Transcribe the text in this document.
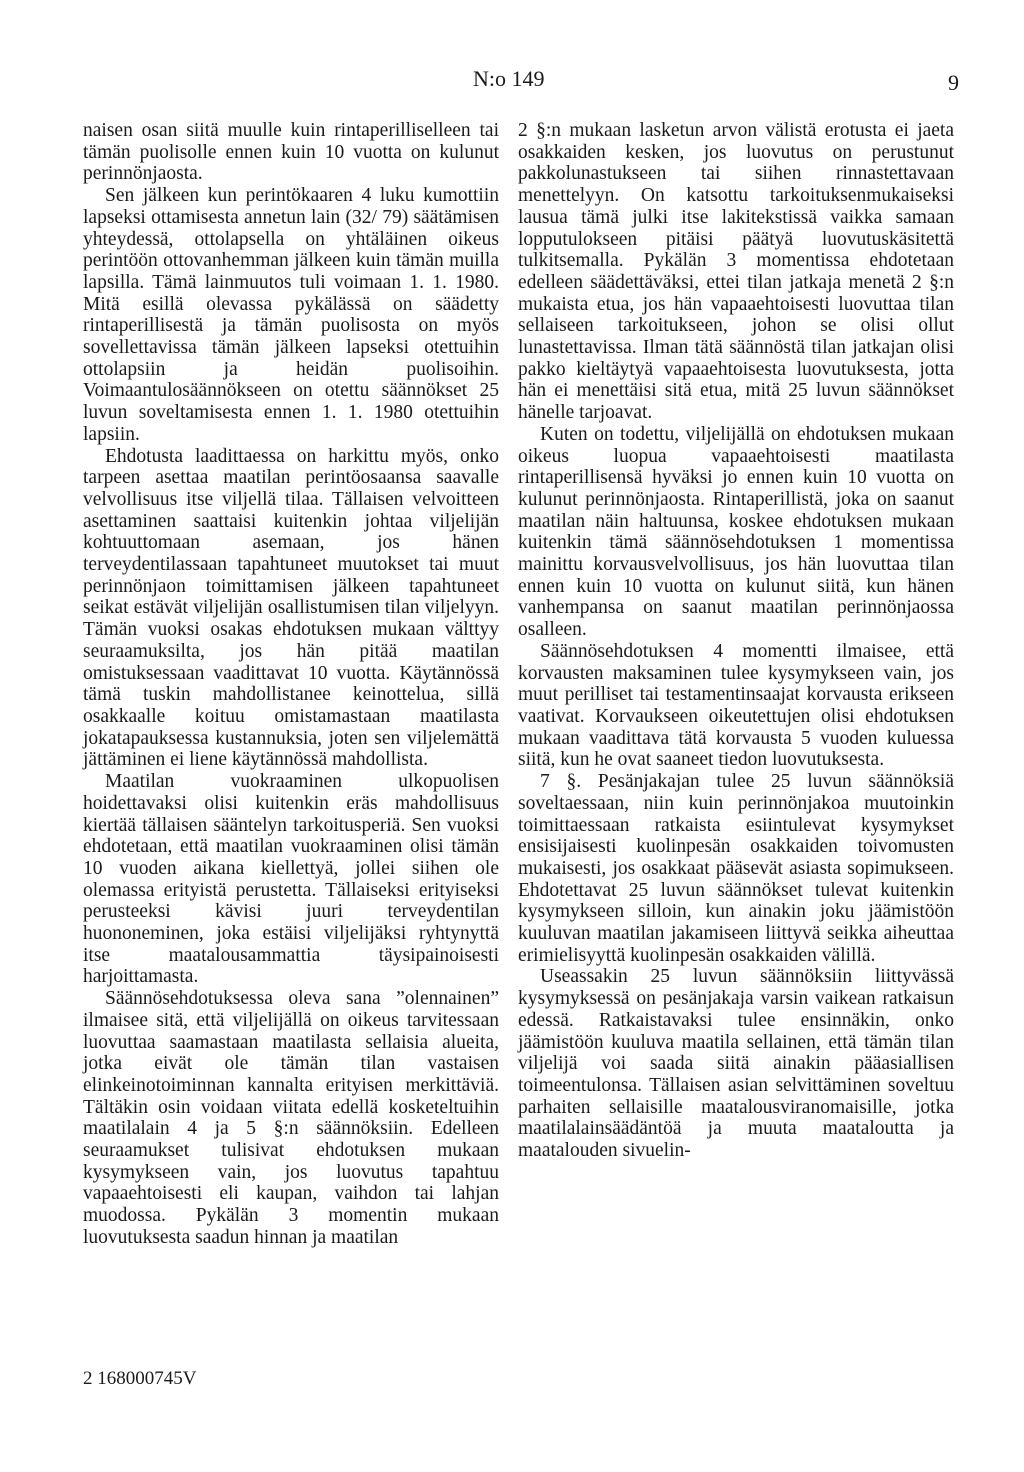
N:o 149	9

naisen osan siitä muulle kuin rintaperilliselleen tai tämän puolisolle ennen kuin 10 vuotta on kulunut perinnönjaosta.

Sen jälkeen kun perintökaaren 4 luku kumottiin lapseksi ottamisesta annetun lain (32/ 79) säätämisen yhteydessä, ottolapsella on yhtäläinen oikeus perintöön ottovanhemman jälkeen kuin tämän muilla lapsilla. Tämä lainmuutos tuli voimaan 1. 1. 1980. Mitä esillä olevassa pykälässä on säädetty rintaperillisestä ja tämän puolisosta on myös sovellettavissa tämän jälkeen lapseksi otettuihin ottolapsiin ja heidän puolisoihin. Voimaantulosäännökseen on otettu säännökset 25 luvun soveltamisesta ennen 1. 1. 1980 otettuihin lapsiin.

Ehdotusta laadittaessa on harkittu myös, onko tarpeen asettaa maatilan perintöosaansa saavalle velvollisuus itse viljellä tilaa. Tällaisen velvoitteen asettaminen saattaisi kuitenkin johtaa viljelijän kohtuuttomaan asemaan, jos hänen terveydentilassaan tapahtuneet muutokset tai muut perinnönjaon toimittamisen jälkeen tapahtuneet seikat estävät viljelijän osallistumisen tilan viljelyyn. Tämän vuoksi osakas ehdotuksen mukaan välttyy seuraamuksilta, jos hän pitää maatilan omistuksessaan vaadittavat 10 vuotta. Käytännössä tämä tuskin mahdollistanee keinottelua, sillä osakkaalle koituu omistamastaan maatilasta jokatapauksessa kustannuksia, joten sen viljelemättä jättäminen ei liene käytännössä mahdollista.

Maatilan vuokraaminen ulkopuolisen hoidettavaksi olisi kuitenkin eräs mahdollisuus kiertää tällaisen sääntelyn tarkoitusperiä. Sen vuoksi ehdotetaan, että maatilan vuokraaminen olisi tämän 10 vuoden aikana kiellettyä, jollei siihen ole olemassa erityistä perustetta. Tällaiseksi erityiseksi perusteeksi kävisi juuri terveydentilan huononeminen, joka estäisi viljelijäksi ryhtynyttä itse maatalousammattia täysipainoisesti harjoittamasta.

Säännösehdotuksessa oleva sana ”olennainen” ilmaisee sitä, että viljelijällä on oikeus tarvitessaan luovuttaa saamastaan maatilasta sellaisia alueita, jotka eivät ole tämän tilan vastaisen elinkeinotoiminnan kannalta erityisen merkittäviä. Tältäkin osin voidaan viitata edellä kosketeltuihin maatilalain 4 ja 5 §:n säännöksiin. Edelleen seuraamukset tulisivat ehdotuksen mukaan kysymykseen vain, jos luovutus tapahtuu vapaaehtoisesti eli kaupan, vaihdon tai lahjan muodossa. Pykälän 3 momentin mukaan luovutuksesta saadun hinnan ja maatilan

2 §:n mukaan lasketun arvon välistä erotusta ei jaeta osakkaiden kesken, jos luovutus on perustunut pakkolunastukseen tai siihen rinnastettavaan menettelyyn. On katsottu tarkoituksenmukaiseksi lausua tämä julki itse lakitekstissä vaikka samaan lopputulokseen pitäisi päätyä luovutuskäsitettä tulkitsemalla. Pykälän 3 momentissa ehdotetaan edelleen säädettäväksi, ettei tilan jatkaja menetä 2 §:n mukaista etua, jos hän vapaaehtoisesti luovuttaa tilan sellaiseen tarkoitukseen, johon se olisi ollut lunastettavissa. Ilman tätä säännöstä tilan jatkajan olisi pakko kieltäytyä vapaaehtoisesta luovutuksesta, jotta hän ei menettäisi sitä etua, mitä 25 luvun säännökset hänelle tarjoavat.

Kuten on todettu, viljelijällä on ehdotuksen mukaan oikeus luopua vapaaehtoisesti maatilasta rintaperillisensä hyväksi jo ennen kuin 10 vuotta on kulunut perinnönjaosta. Rintaperillistä, joka on saanut maatilan näin haltuunsa, koskee ehdotuksen mukaan kuitenkin tämä säännösehdotuksen 1 momentissa mainittu korvausvelvollisuus, jos hän luovuttaa tilan ennen kuin 10 vuotta on kulunut siitä, kun hänen vanhempansa on saanut maatilan perinnönjaossa osalleen.

Säännösehdotuksen 4 momentti ilmaisee, että korvausten maksaminen tulee kysymykseen vain, jos muut perilliset tai testamentinsaajat korvausta erikseen vaativat. Korvaukseen oikeutettujen olisi ehdotuksen mukaan vaadittava tätä korvausta 5 vuoden kuluessa siitä, kun he ovat saaneet tiedon luovutuksesta.

7 §. Pesänjakajan tulee 25 luvun säännöksiä soveltaessaan, niin kuin perinnönjakoa muutoinkin toimittaessaan ratkaista esiintulevat kysymykset ensisijaisesti kuolinpesän osakkaiden toivomusten mukaisesti, jos osakkaat pääsevät asiasta sopimukseen. Ehdotettavat 25 luvun säännökset tulevat kuitenkin kysymykseen silloin, kun ainakin joku jäämistöön kuuluvan maatilan jakamiseen liittyvä seikka aiheuttaa erimielisyyttä kuolinpesän osakkaiden välillä.

Useassakin 25 luvun säännöksiin liittyvässä kysymyksessä on pesänjakaja varsin vaikean ratkaisun edessä. Ratkaistavaksi tulee ensinnäkin, onko jäämistöön kuuluva maatila sellainen, että tämän tilan viljelijä voi saada siitä ainakin pääasiallisen toimeentulonsa. Tällaisen asian selvittäminen soveltuu parhaiten sellaisille maatalousviranomaisille, jotka maatilalainsäädäntöä ja muuta maataloutta ja maatalouden sivuelin-

2 168000745V
